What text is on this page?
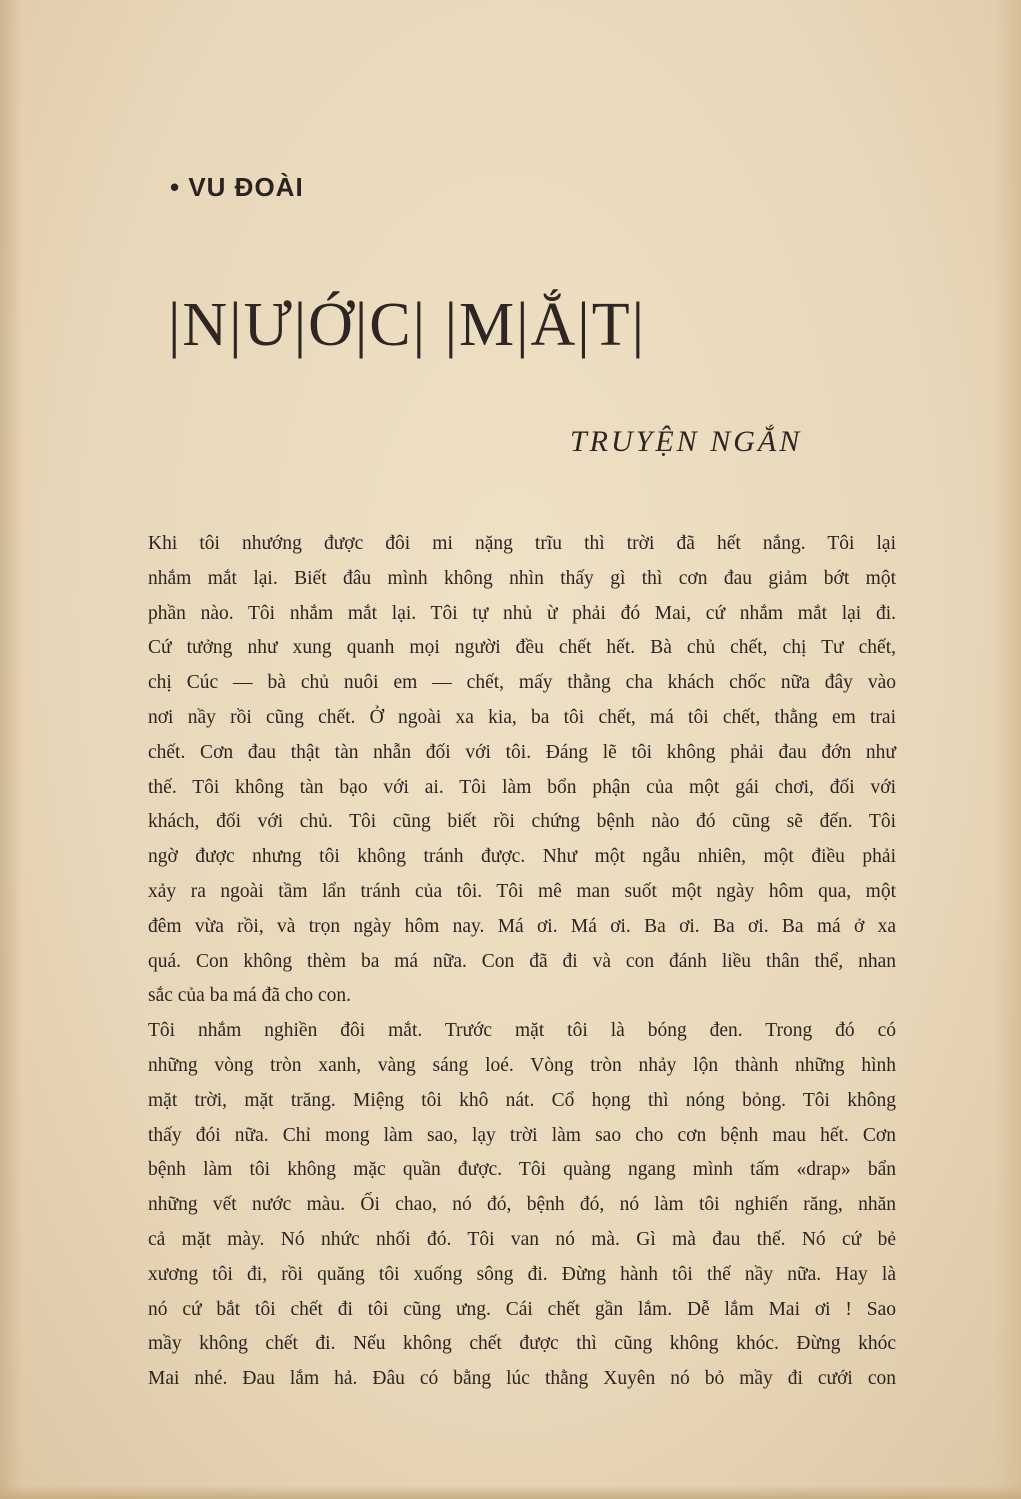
• VU ĐOÀI
|N|Ư|Ớ|C| |M|Ắ|T|
TRUYỆN NGẮN
Khi tôi nhướng được đôi mi nặng trĩu thì trời đã hết nắng. Tôi lại
nhắm mắt lại. Biết đâu mình không nhìn thấy gì thì cơn đau giảm bớt một
phần nào. Tôi nhắm mắt lại. Tôi tự nhủ ừ phải đó Mai, cứ nhắm mắt lại đi.
Cứ tưởng như xung quanh mọi người đều chết hết. Bà chủ chết, chị Tư chết,
chị Cúc — bà chủ nuôi em — chết, mấy thằng cha khách chốc nữa đây vào
nơi nầy rồi cũng chết. Ở ngoài xa kia, ba tôi chết, má tôi chết, thằng em trai
chết. Cơn đau thật tàn nhẫn đối với tôi. Đáng lẽ tôi không phải đau đớn như
thế. Tôi không tàn bạo với ai. Tôi làm bổn phận của một gái chơi, đối với
khách, đối với chủ. Tôi cũng biết rồi chứng bệnh nào đó cũng sẽ đến. Tôi
ngờ được nhưng tôi không tránh được. Như một ngẫu nhiên, một điều phải
xảy ra ngoài tầm lẩn tránh của tôi. Tôi mê man suốt một ngày hôm qua, một
đêm vừa rồi, và trọn ngày hôm nay. Má ơi. Má ơi. Ba ơi. Ba ơi. Ba má ở xa
quá. Con không thèm ba má nữa. Con đã đi và con đánh liều thân thể, nhan
sắc của ba má đã cho con.
Tôi nhắm nghiền đôi mắt. Trước mặt tôi là bóng đen. Trong đó có
những vòng tròn xanh, vàng sáng loé. Vòng tròn nhảy lộn thành những hình
mặt trời, mặt trăng. Miệng tôi khô nát. Cổ họng thì nóng bỏng. Tôi không
thấy đói nữa. Chỉ mong làm sao, lạy trời làm sao cho cơn bệnh mau hết. Cơn
bệnh làm tôi không mặc quần được. Tôi quàng ngang mình tấm «drap» bẩn
những vết nước màu. Ối chao, nó đó, bệnh đó, nó làm tôi nghiến răng, nhăn
cả mặt mày. Nó nhức nhối đó. Tôi van nó mà. Gì mà đau thế. Nó cứ bẻ
xương tôi đi, rồi quăng tôi xuống sông đi. Đừng hành tôi thế nầy nữa. Hay là
nó cứ bắt tôi chết đi tôi cũng ưng. Cái chết gần lắm. Dễ lắm Mai ơi ! Sao
mầy không chết đi. Nếu không chết được thì cũng không khóc. Đừng khóc
Mai nhé. Đau lắm hả. Đâu có bằng lúc thằng Xuyên nó bỏ mầy đi cưới con
